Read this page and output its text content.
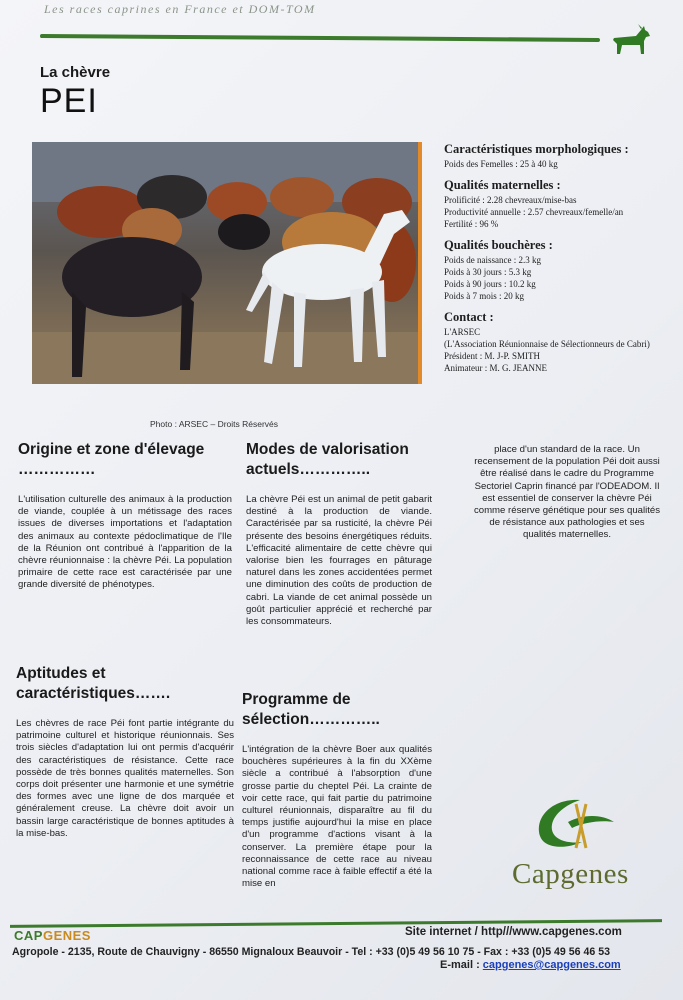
Les races caprines en France et DOM-TOM
La chèvre
PEI
Photo : ARSEC – Droits Réservés
Caractéristiques morphologiques :
Poids des Femelles : 25 à 40 kg
Qualités maternelles :
Prolificité : 2.28 chevreaux/mise-bas
Productivité annuelle : 2.57 chevreaux/femelle/an
Fertilité : 96 %
Qualités bouchères :
Poids de naissance : 2.3 kg
Poids à 30 jours : 5.3 kg
Poids à 90 jours : 10.2 kg
Poids à 7 mois : 20 kg
Contact :
L'ARSEC
(L'Association Réunionnaise de Sélectionneurs de Cabri)
Président : M. J-P. SMITH
Animateur : M. G. JEANNE
Origine et zone d'élevage ……………

L'utilisation culturelle des animaux à la production de viande, couplée à un métissage des races issues de diverses importations et l'adaptation des animaux au contexte pédoclimatique de l'Ile de la Réunion ont contribué à l'apparition de la chèvre réunionnaise : la chèvre Péi. La population primaire de cette race est caractérisée par une grande diversité de phénotypes.

Aptitudes et caractéristiques…….

Les chèvres de race Péi font partie intégrante du patrimoine culturel et historique réunionnais. Ses trois siècles d'adaptation lui ont permis d'acquérir des caractéristiques de résistance. Cette race possède de très bonnes qualités maternelles. Son corps doit présenter une harmonie et une symétrie des formes avec une ligne de dos marquée et généralement creuse. La chèvre doit avoir un bassin large caractéristique de bonnes aptitudes à la mise-bas.

Modes de valorisation actuels…………..

La chèvre Péi est un animal de petit gabarit destiné à la production de viande. Caractérisée par sa rusticité, la chèvre Péi présente des besoins énergétiques réduits. L'efficacité alimentaire de cette chèvre qui valorise bien les fourrages en pâturage naturel dans les zones accidentées permet une diminution des coûts de production de cabri. La viande de cet animal possède un goût particulier apprécié et recherché par les consommateurs.

Programme de sélection…………..

L'intégration de la chèvre Boer aux qualités bouchères supérieures à la fin du XXème siècle a contribué à l'absorption d'une grosse partie du cheptel Péi. La crainte de voir cette race, qui fait partie du patrimoine culturel réunionnais, disparaître au fil du temps justifie aujourd'hui la mise en place d'un programme d'actions visant à la conserver. La première étape pour la reconnaissance de cette race au niveau national comme race à faible effectif a été la mise en

place d'un standard de la race. Un recensement de la population Péi doit aussi être réalisé dans le cadre du Programme Sectoriel Caprin financé par l'ODEADOM. Il est essentiel de conserver la chèvre Péi comme réserve génétique pour ses qualités de résistance aux pathologies et ses qualités maternelles.

Capgenes
CAPGENES	Site internet / http///www.capgenes.com
Agropole - 2135, Route de Chauvigny - 86550 Mignaloux Beauvoir - Tel : +33 (0)5 49 56 10 75 - Fax : +33 (0)5 49 56 46 53
E-mail : capgenes@capgenes.com
